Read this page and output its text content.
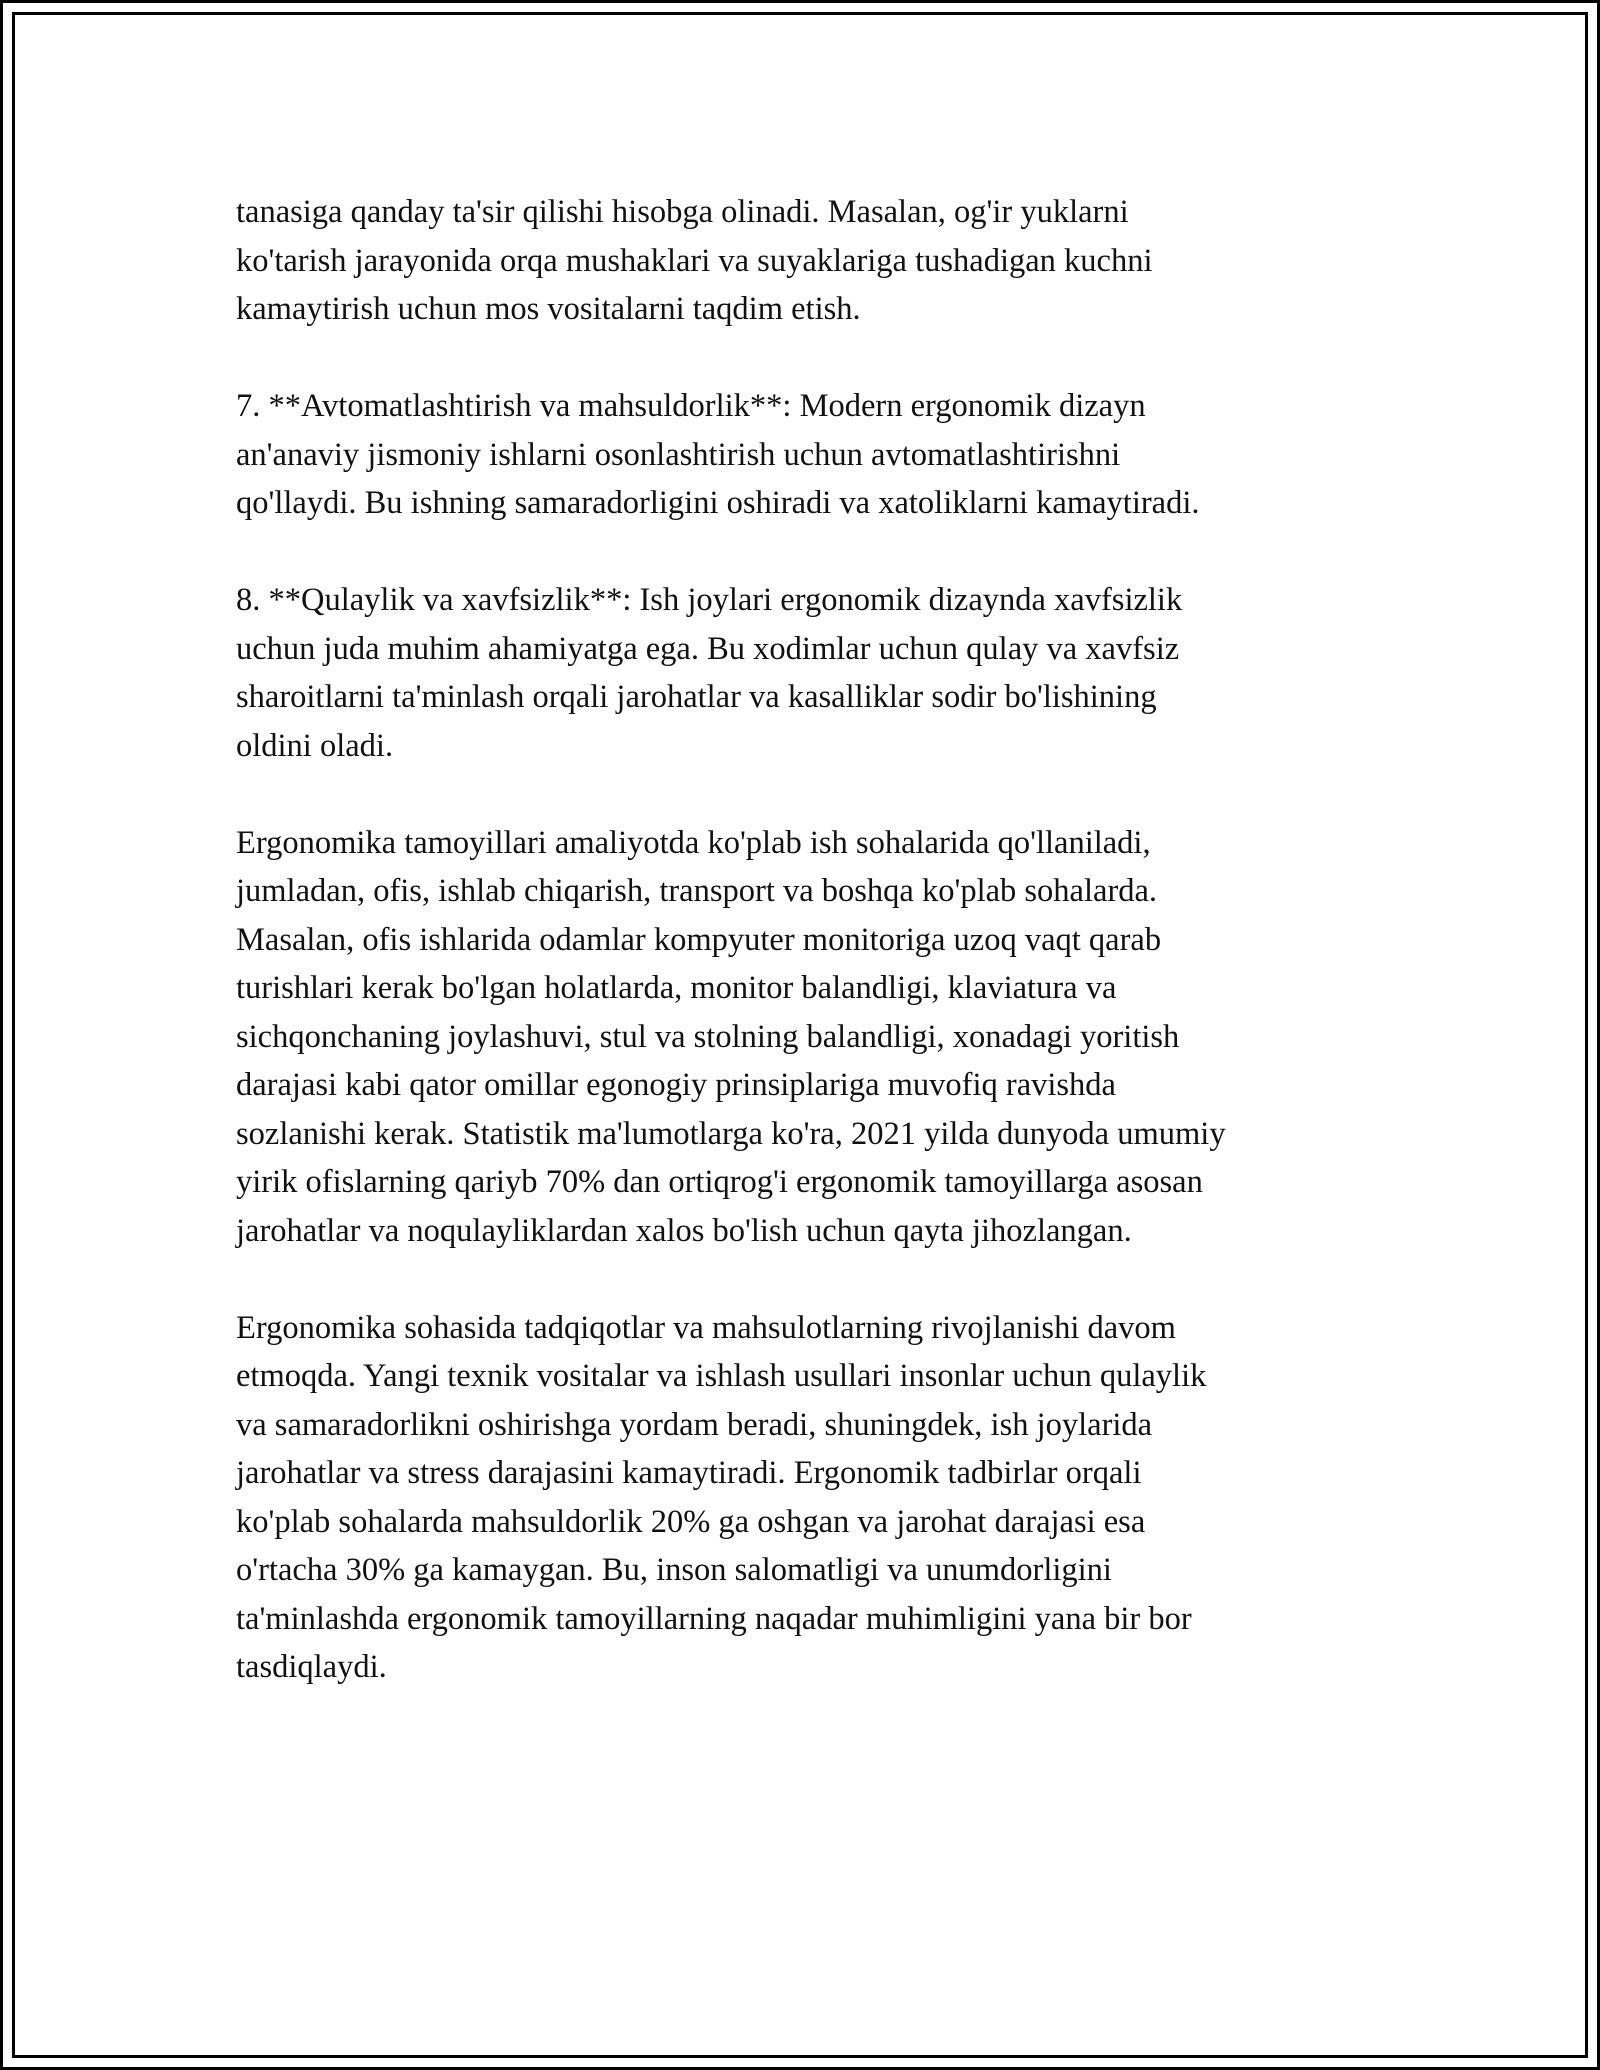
tanasiga qanday ta'sir qilishi hisobga olinadi. Masalan, og'ir yuklarni
ko'tarish jarayonida orqa mushaklari va suyaklariga tushadigan kuchni
kamaytirish uchun mos vositalarni taqdim etish.

7. **Avtomatlashtirish va mahsuldorlik**: Modern ergonomik dizayn
an'anaviy jismoniy ishlarni osonlashtirish uchun avtomatlashtirishni
qo'llaydi. Bu ishning samaradorligini oshiradi va xatoliklarni kamaytiradi.

8. **Qulaylik va xavfsizlik**: Ish joylari ergonomik dizaynda xavfsizlik
uchun juda muhim ahamiyatga ega. Bu xodimlar uchun qulay va xavfsiz
sharoitlarni ta'minlash orqali jarohatlar va kasalliklar sodir bo'lishining
oldini oladi.

Ergonomika tamoyillari amaliyotda ko'plab ish sohalarida qo'llaniladi,
jumladan, ofis, ishlab chiqarish, transport va boshqa ko'plab sohalarda.
Masalan, ofis ishlarida odamlar kompyuter monitoriga uzoq vaqt qarab
turishlari kerak bo'lgan holatlarda, monitor balandligi, klaviatura va
sichqonchaning joylashuvi, stul va stolning balandligi, xonadagi yoritish
darajasi kabi qator omillar egonogiy prinsiplariga muvofiq ravishda
sozlanishi kerak. Statistik ma'lumotlarga ko'ra, 2021 yilda dunyoda umumiy
yirik ofislarning qariyb 70% dan ortiqrog'i ergonomik tamoyillarga asosan
jarohatlar va noqulayliklardan xalos bo'lish uchun qayta jihozlangan.

Ergonomika sohasida tadqiqotlar va mahsulotlarning rivojlanishi davom
etmoqda. Yangi texnik vositalar va ishlash usullari insonlar uchun qulaylik
va samaradorlikni oshirishga yordam beradi, shuningdek, ish joylarida
jarohatlar va stress darajasini kamaytiradi. Ergonomik tadbirlar orqali
ko'plab sohalarda mahsuldorlik 20% ga oshgan va jarohat darajasi esa
o'rtacha 30% ga kamaygan. Bu, inson salomatligi va unumdorligini
ta'minlashda ergonomik tamoyillarning naqadar muhimligini yana bir bor
tasdiqlaydi.
